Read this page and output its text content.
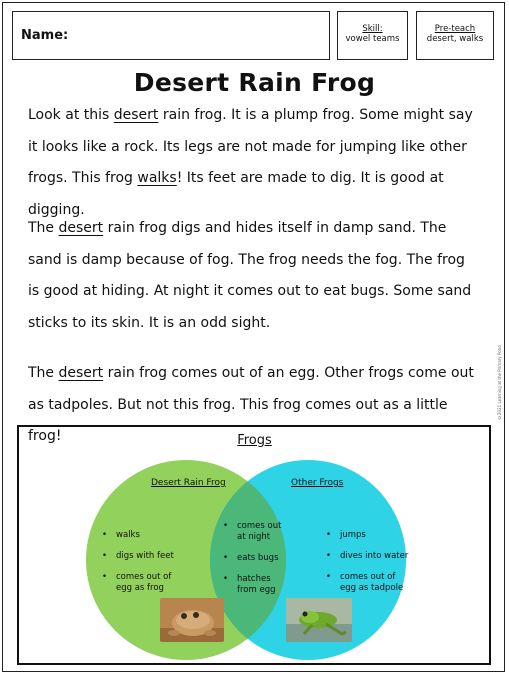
Name:	Skill:
vowel teams
Pre-teach
desert, walks
Desert Rain Frog

Look at this desert rain frog. It is a plump frog. Some might say it looks like a rock. Its legs are not made for jumping like other frogs. This frog walks! Its feet are made to dig. It is good at digging.

The desert rain frog digs and hides itself in damp sand. The sand is damp because of fog. The frog needs the fog. The frog is good at hiding. At night it comes out to eat bugs. Some sand sticks to its skin. It is an odd sight.

The desert rain frog comes out of an egg. Other frogs come out as tadpoles. But not this frog. This frog comes out as a little frog!

©2021 Learning at the Primary Pond
Frogs
Desert Rain Frog	Other Frogs
• walks
• digs with feet
• comes out of egg as frog
• comes out at night
• eats bugs
• hatches from egg
• jumps
• dives into water
• comes out of egg as tadpole
